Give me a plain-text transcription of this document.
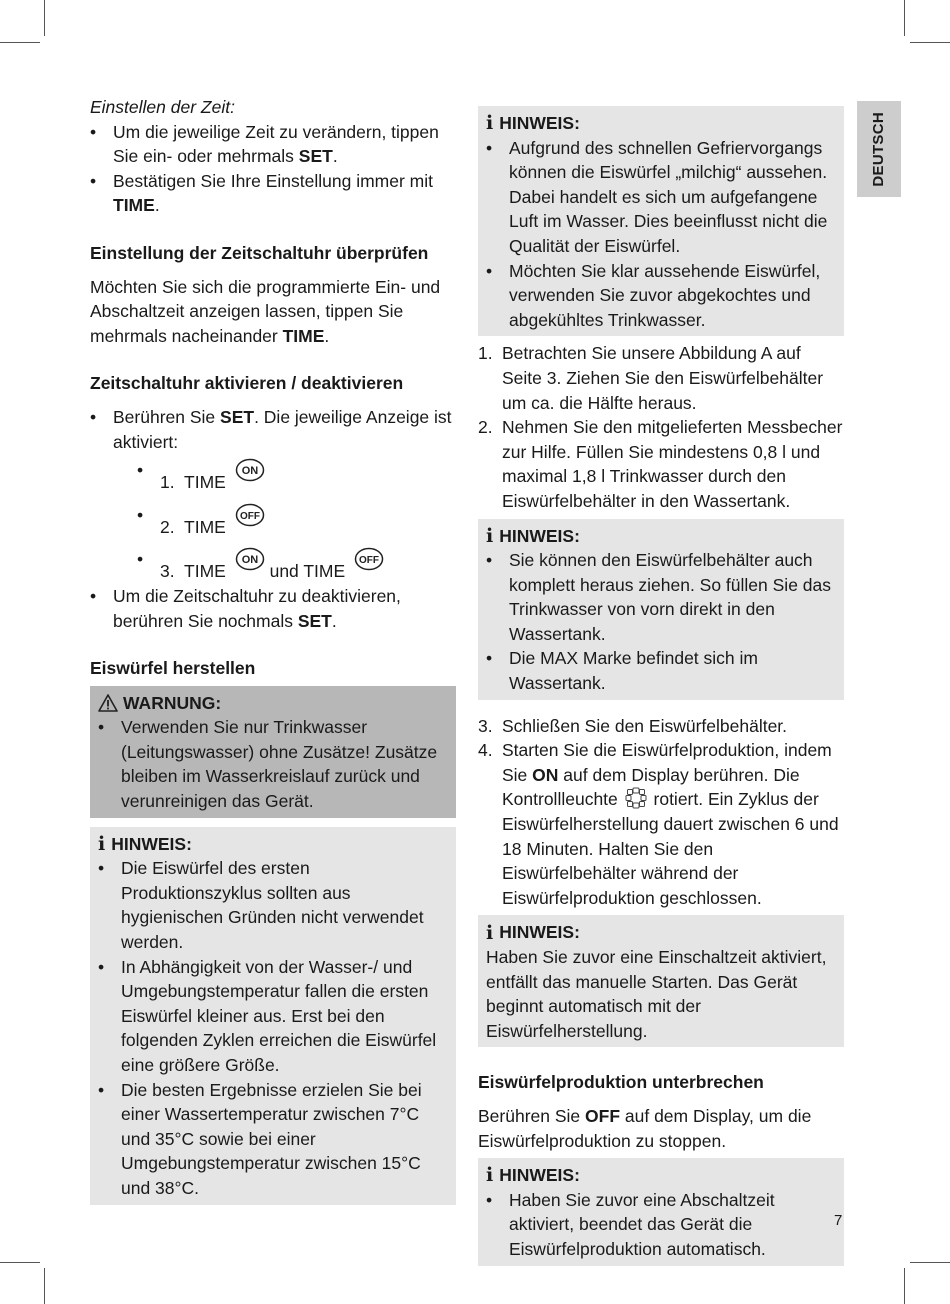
DEUTSCH

Einstellen der Zeit:

• Um die jeweilige Zeit zu verändern, tippen Sie ein- oder mehrmals SET.
• Bestätigen Sie Ihre Einstellung immer mit TIME.
Einstellung der Zeitschaltuhr überprüfen

Möchten Sie sich die programmierte Ein- und Abschaltzeit anzeigen lassen, tippen Sie mehrmals nacheinander TIME.

Zeitschaltuhr aktivieren / deaktivieren
• Berühren Sie SET. Die jeweilige Anzeige ist aktiviert:
• 1. TIME
ON
• 2. TIME
OFF
• 3. TIME
ON
und TIME
OFF
• Um die Zeitschaltuhr zu deaktivieren, berühren Sie nochmals SET.
Eiswürfel herstellen
WARNUNG:
• Verwenden Sie nur Trinkwasser (Leitungswasser) ohne Zusätze! Zusätze bleiben im Wasserkreislauf zurück und verunreinigen das Gerät.
i HINWEIS:
• Die Eiswürfel des ersten Produktionszyklus sollten aus hygienischen Gründen nicht verwendet werden.
• In Abhängigkeit von der Wasser-/ und Umgebungstemperatur fallen die ersten Eiswürfel kleiner aus. Erst bei den folgenden Zyklen erreichen die Eiswürfel eine größere Größe.
• Die besten Ergebnisse erzielen Sie bei einer Wassertemperatur zwischen 7°C und 35°C sowie bei einer Umgebungstemperatur zwischen 15°C und 38°C.
i HINWEIS:
• Aufgrund des schnellen Gefriervorgangs können die Eiswürfel „milchig“ aussehen. Dabei handelt es sich um aufgefangene Luft im Wasser. Dies beeinflusst nicht die Qualität der Eiswürfel.
• Möchten Sie klar aussehende Eiswürfel, verwenden Sie zuvor abgekochtes und abgekühltes Trinkwasser.
1. Betrachten Sie unsere Abbildung A auf Seite 3. Ziehen Sie den Eiswürfelbehälter um ca. die Hälfte heraus.
2. Nehmen Sie den mitgelieferten Messbecher zur Hilfe. Füllen Sie mindestens 0,8 l und maximal 1,8 l Trinkwasser durch den Eiswürfelbehälter in den Wassertank.
i HINWEIS:
• Sie können den Eiswürfelbehälter auch komplett heraus ziehen. So füllen Sie das Trinkwasser von vorn direkt in den Wassertank.
• Die MAX Marke befindet sich im Wassertank.
3. Schließen Sie den Eiswürfelbehälter.
4. Starten Sie die Eiswürfelproduktion, indem Sie ON auf dem Display berühren. Die Kontrollleuchte  rotiert. Ein Zyklus der Eiswürfelherstellung dauert zwischen 6 und 18 Minuten. Halten Sie den Eiswürfelbehälter während der Eiswürfelproduktion geschlossen.
i HINWEIS:

Haben Sie zuvor eine Einschaltzeit aktiviert, entfällt das manuelle Starten. Das Gerät beginnt automatisch mit der Eiswürfelherstellung.

Eiswürfelproduktion unterbrechen

Berühren Sie OFF auf dem Display, um die Eiswürfelproduktion zu stoppen.

i HINWEIS:
• Haben Sie zuvor eine Abschaltzeit aktiviert, beendet das Gerät die Eiswürfelproduktion automatisch.
7
